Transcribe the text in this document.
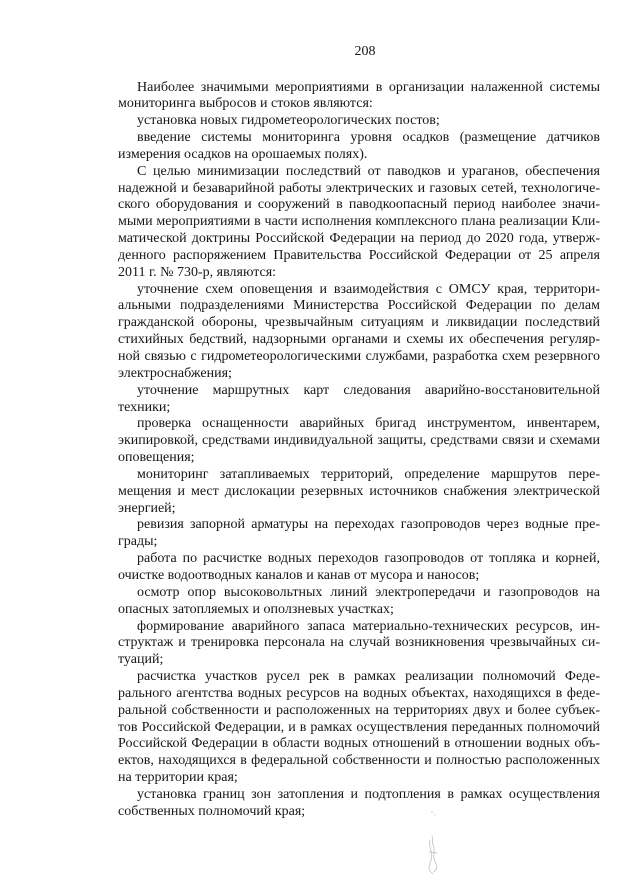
208
Наиболее значимыми мероприятиями в организации налаженной системы
мониторинга выбросов и стоков являются:
установка новых гидрометеорологических постов;
введение системы мониторинга уровня осадков (размещение датчиков
измерения осадков на орошаемых полях).
С целью минимизации последствий от паводков и ураганов, обеспечения
надежной и безаварийной работы электрических и газовых сетей, технологиче-
ского оборудования и сооружений в паводкоопасный период наиболее значи-
мыми мероприятиями в части исполнения комплексного плана реализации Кли-
матической доктрины Российской Федерации на период до 2020 года, утверж-
денного распоряжением Правительства Российской Федерации от 25 апреля
2011 г. № 730-р, являются:
уточнение схем оповещения и взаимодействия с ОМСУ края, территори-
альными подразделениями Министерства Российской Федерации по делам
гражданской обороны, чрезвычайным ситуациям и ликвидации последствий
стихийных бедствий, надзорными органами и схемы их обеспечения регуляр-
ной связью с гидрометеорологическими службами, разработка схем резервного
электроснабжения;
уточнение маршрутных карт следования аварийно-восстановительной
техники;
проверка оснащенности аварийных бригад инструментом, инвентарем,
экипировкой, средствами индивидуальной защиты, средствами связи и схемами
оповещения;
мониторинг затапливаемых территорий, определение маршрутов пере-
мещения и мест дислокации резервных источников снабжения электрической
энергией;
ревизия запорной арматуры на переходах газопроводов через водные пре-
грады;
работа по расчистке водных переходов газопроводов от топляка и корней,
очистке водоотводных каналов и канав от мусора и наносов;
осмотр опор высоковольтных линий электропередачи и газопроводов на
опасных затопляемых и оползневых участках;
формирование аварийного запаса материально-технических ресурсов, ин-
структаж и тренировка персонала на случай возникновения чрезвычайных си-
туаций;
расчистка участков русел рек в рамках реализации полномочий Феде-
рального агентства водных ресурсов на водных объектах, находящихся в феде-
ральной собственности и расположенных на территориях двух и более субъек-
тов Российской Федерации, и в рамках осуществления переданных полномочий
Российской Федерации в области водных отношений в отношении водных объ-
ектов, находящихся в федеральной собственности и полностью расположенных
на территории края;
установка границ зон затопления и подтопления в рамках осуществления
собственных полномочий края;
